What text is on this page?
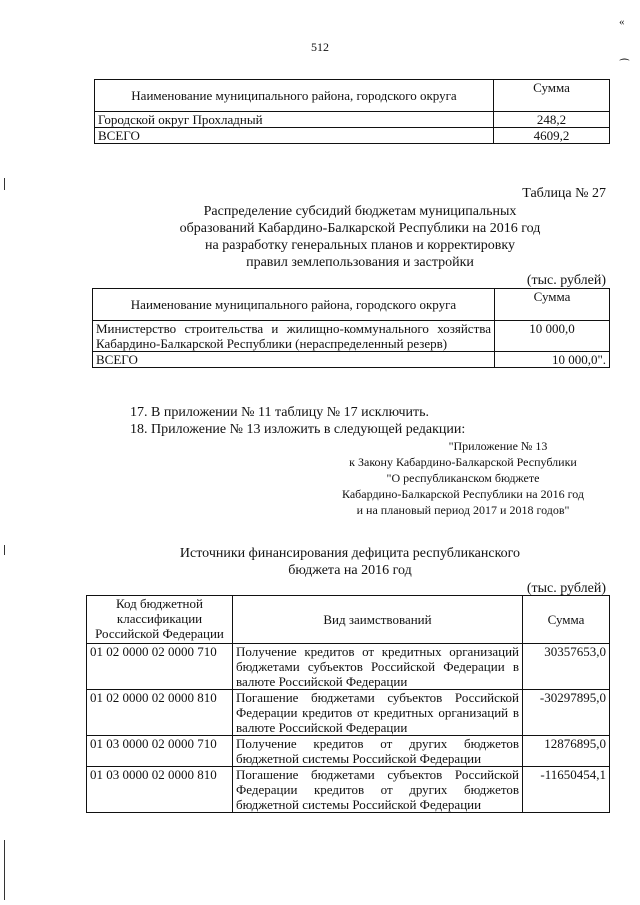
«
⁔
512
Наименование муниципального района, городского округа	Сумма
Городской округ Прохладный	248,2
ВСЕГО	4609,2
Таблица № 27
Распределение субсидий бюджетам муниципальных
образований Кабардино-Балкарской Республики на 2016 год
на разработку генеральных планов и корректировку
правил землепользования и застройки
(тыс. рублей)
Наименование муниципального района, городского округа	Сумма
Министерство строительства и жилищно-коммунального хозяйства Кабардино-Балкарской Республики (нераспределенный резерв)	10 000,0
ВСЕГО	10 000,0".
17. В приложении № 11 таблицу № 17 исключить.
18. Приложение № 13 изложить в следующей редакции:
"Приложение № 13
к Закону Кабардино-Балкарской Республики
"О республиканском бюджете
Кабардино-Балкарской Республики на 2016 год
и на плановый период 2017 и 2018 годов"
Источники финансирования дефицита республиканского
бюджета на 2016 год
(тыс. рублей)
Код бюджетной классификации Российской Федерации	Вид заимствований	Сумма
01 02 0000 02 0000 710	Получение кредитов от кредитных организаций бюджетами субъектов Российской Федерации в валюте Российской Федерации	30357653,0
01 02 0000 02 0000 810	Погашение бюджетами субъектов Российской Федерации кредитов от кредитных организаций в валюте Российской Федерации	-30297895,0
01 03 0000 02 0000 710	Получение кредитов от других бюджетов бюджетной системы Российской Федерации	12876895,0
01 03 0000 02 0000 810	Погашение бюджетами субъектов Российской Федерации кредитов от других бюджетов бюджетной системы Российской Федерации	-11650454,1
